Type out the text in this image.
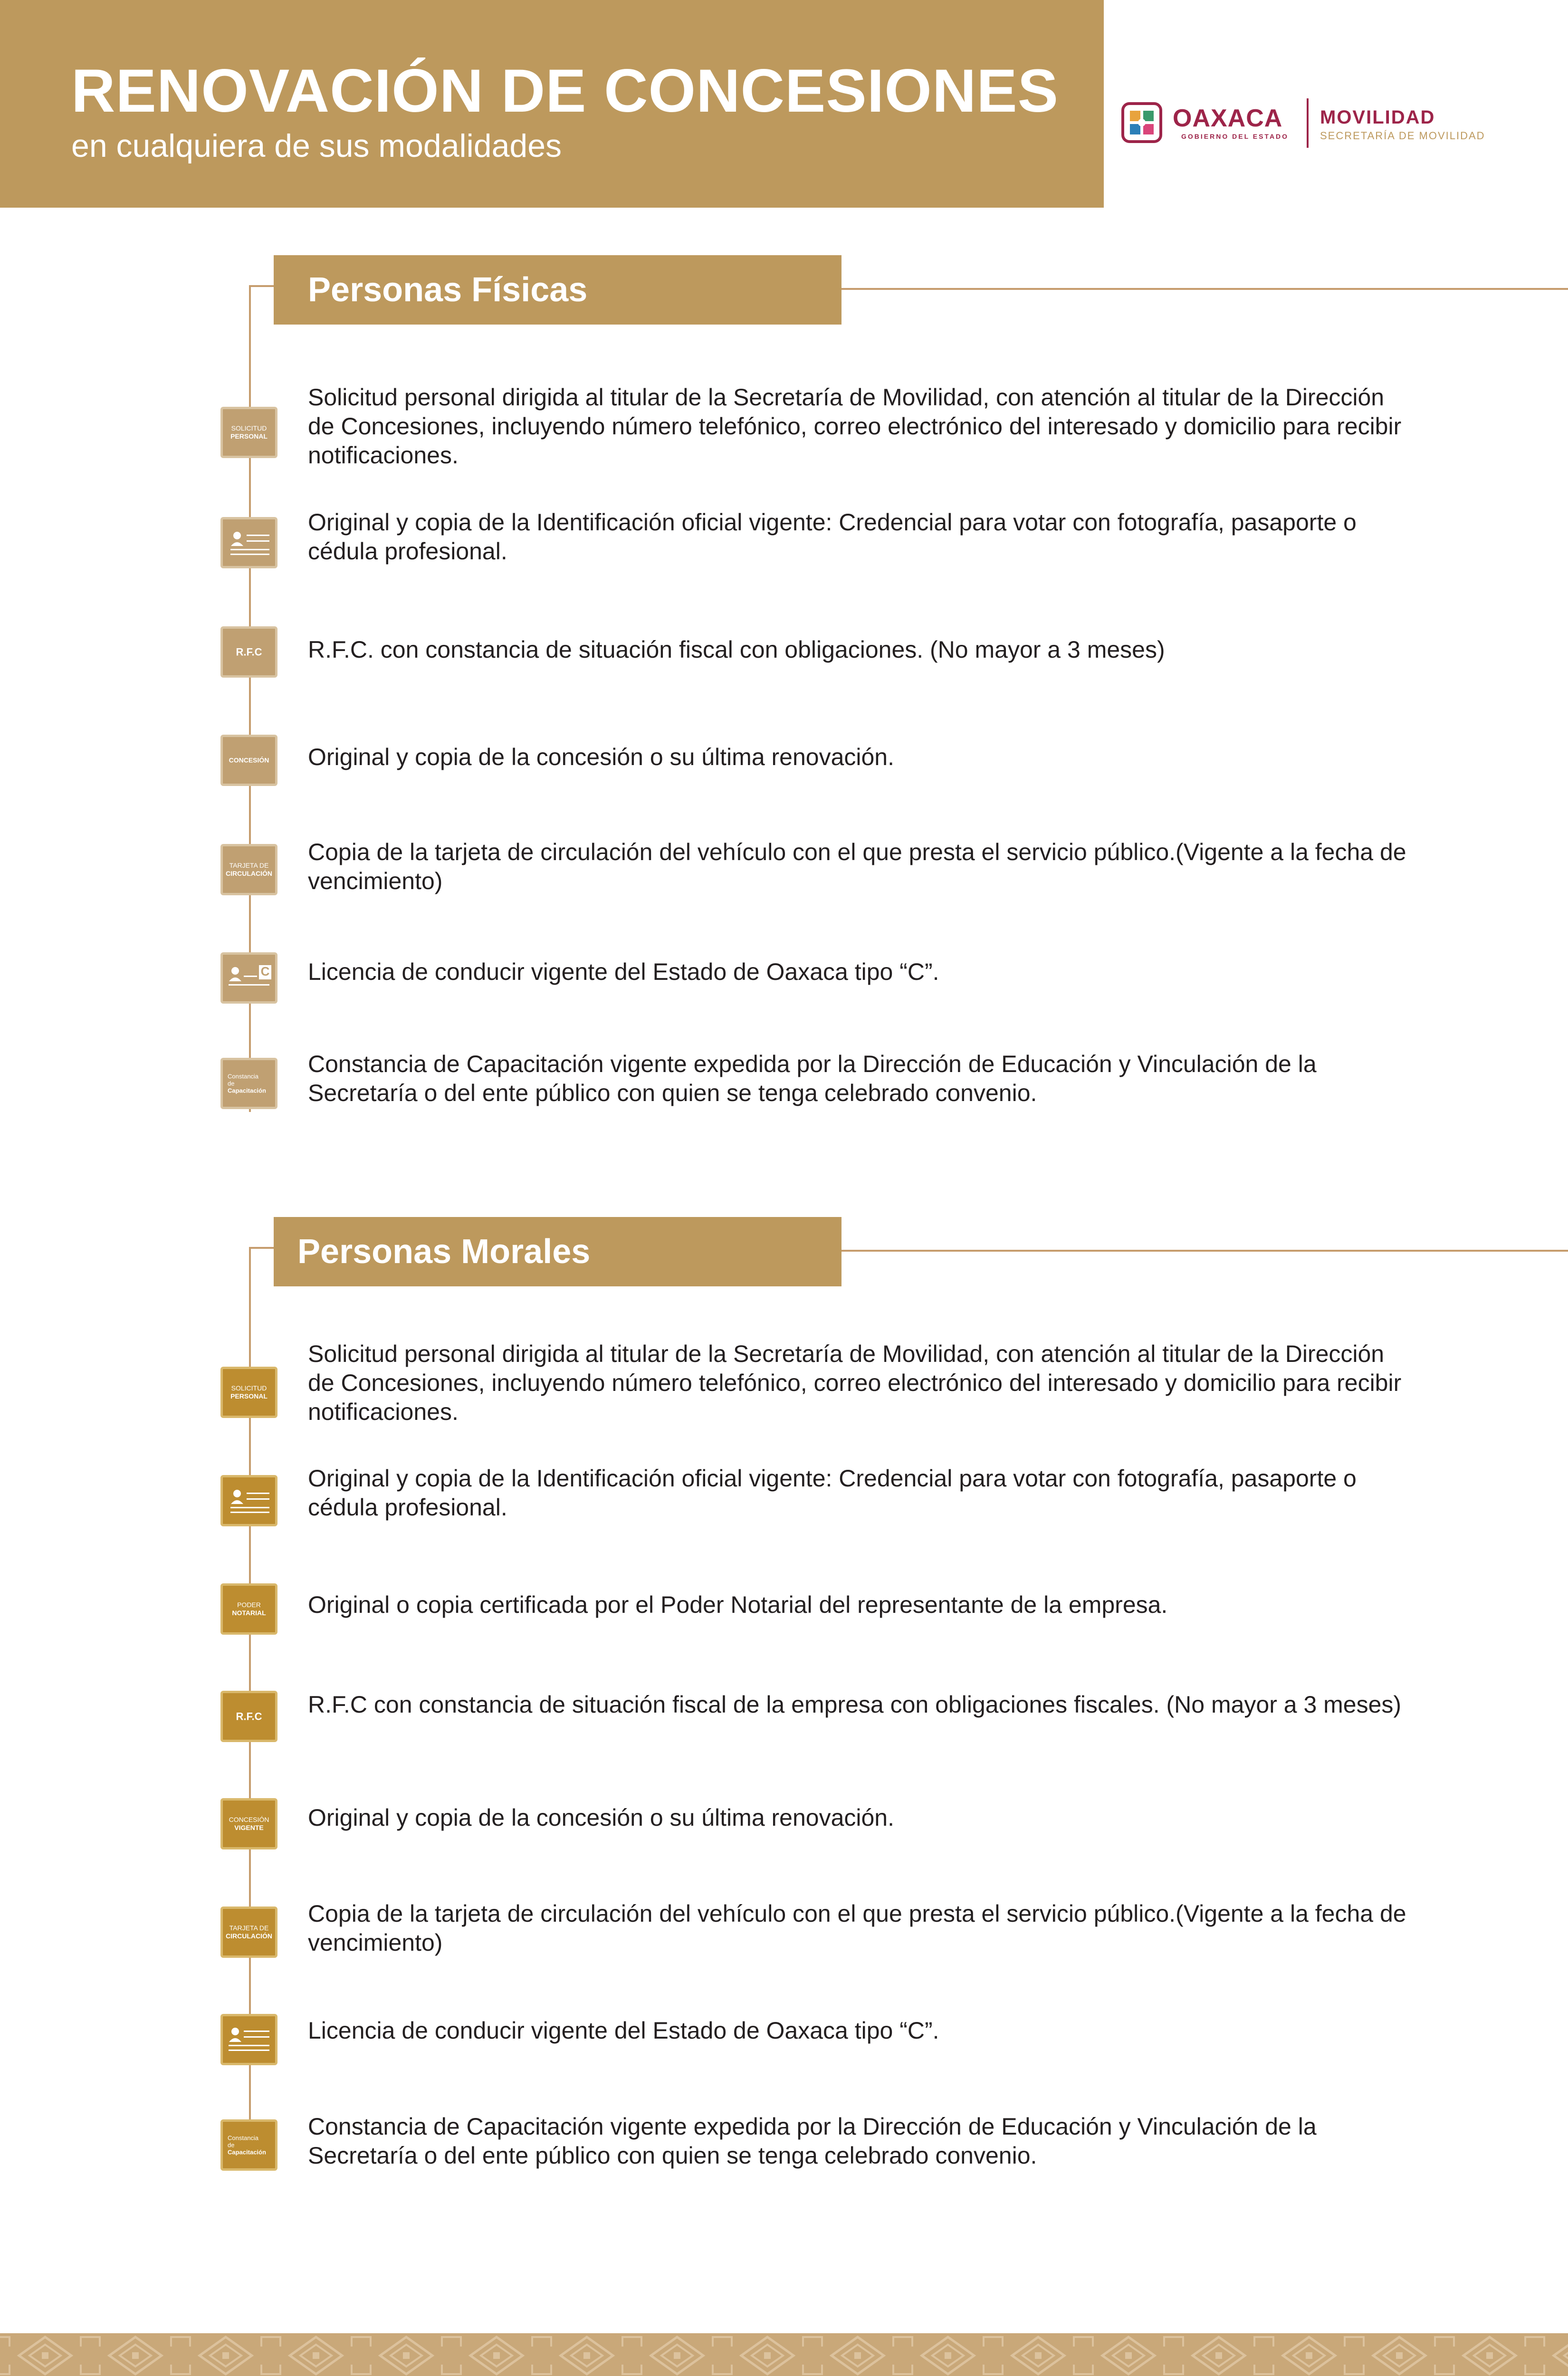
RENOVACIÓN DE CONCESIONES

en cualquiera de sus modalidades

OAXACA
GOBIERNO DEL ESTADO
MOVILIDAD
SECRETARÍA DE MOVILIDAD
Personas Físicas
SOLICITUD
PERSONAL

Solicitud personal dirigida al titular de la Secretaría de Movilidad, con atención al titular de la Dirección de Concesiones, incluyendo número telefónico, correo electrónico del interesado y domicilio para recibir notificaciones.

Original y copia de la Identificación oficial vigente: Credencial para votar con fotografía, pasaporte o cédula profesional.

R.F.C	R.F.C. con constancia de situación fiscal con obligaciones. (No mayor a 3 meses)

CONCESIÓN Original y copia de la concesión o su última renovación.

TARJETA DE
CIRCULACIÓN

Copia de la tarjeta de circulación del vehículo con el que presta el servicio público.(Vigente a la fecha de vencimiento)

C Licencia de conducir vigente del Estado de Oaxaca tipo “C”.

Constancia
de
Capacitación

Constancia de Capacitación vigente expedida por la Dirección de Educación y Vinculación de la Secretaría o del ente público con quien se tenga celebrado convenio.

Personas Morales
SOLICITUD
PERSONAL

Solicitud personal dirigida al titular de la Secretaría de Movilidad, con atención al titular de la Dirección de Concesiones, incluyendo número telefónico, correo electrónico del interesado y domicilio para recibir notificaciones.

Original y copia de la Identificación oficial vigente: Credencial para votar con fotografía, pasaporte o cédula profesional.

PODER
NOTARIAL	Original o copia certificada por el Poder Notarial del representante de la empresa.

R.F.C	R.F.C con constancia de situación fiscal de la empresa con obligaciones fiscales. (No mayor a 3 meses)

CONCESIÓN
VIGENTE	Original y copia de la concesión o su última renovación.

TARJETA DE
CIRCULACIÓN

Copia de la tarjeta de circulación del vehículo con el que presta el servicio público.(Vigente a la fecha de vencimiento)

Licencia de conducir vigente del Estado de Oaxaca tipo “C”.

Constancia
de
Capacitación

Constancia de Capacitación vigente expedida por la Dirección de Educación y Vinculación de la Secretaría o del ente público con quien se tenga celebrado convenio.
